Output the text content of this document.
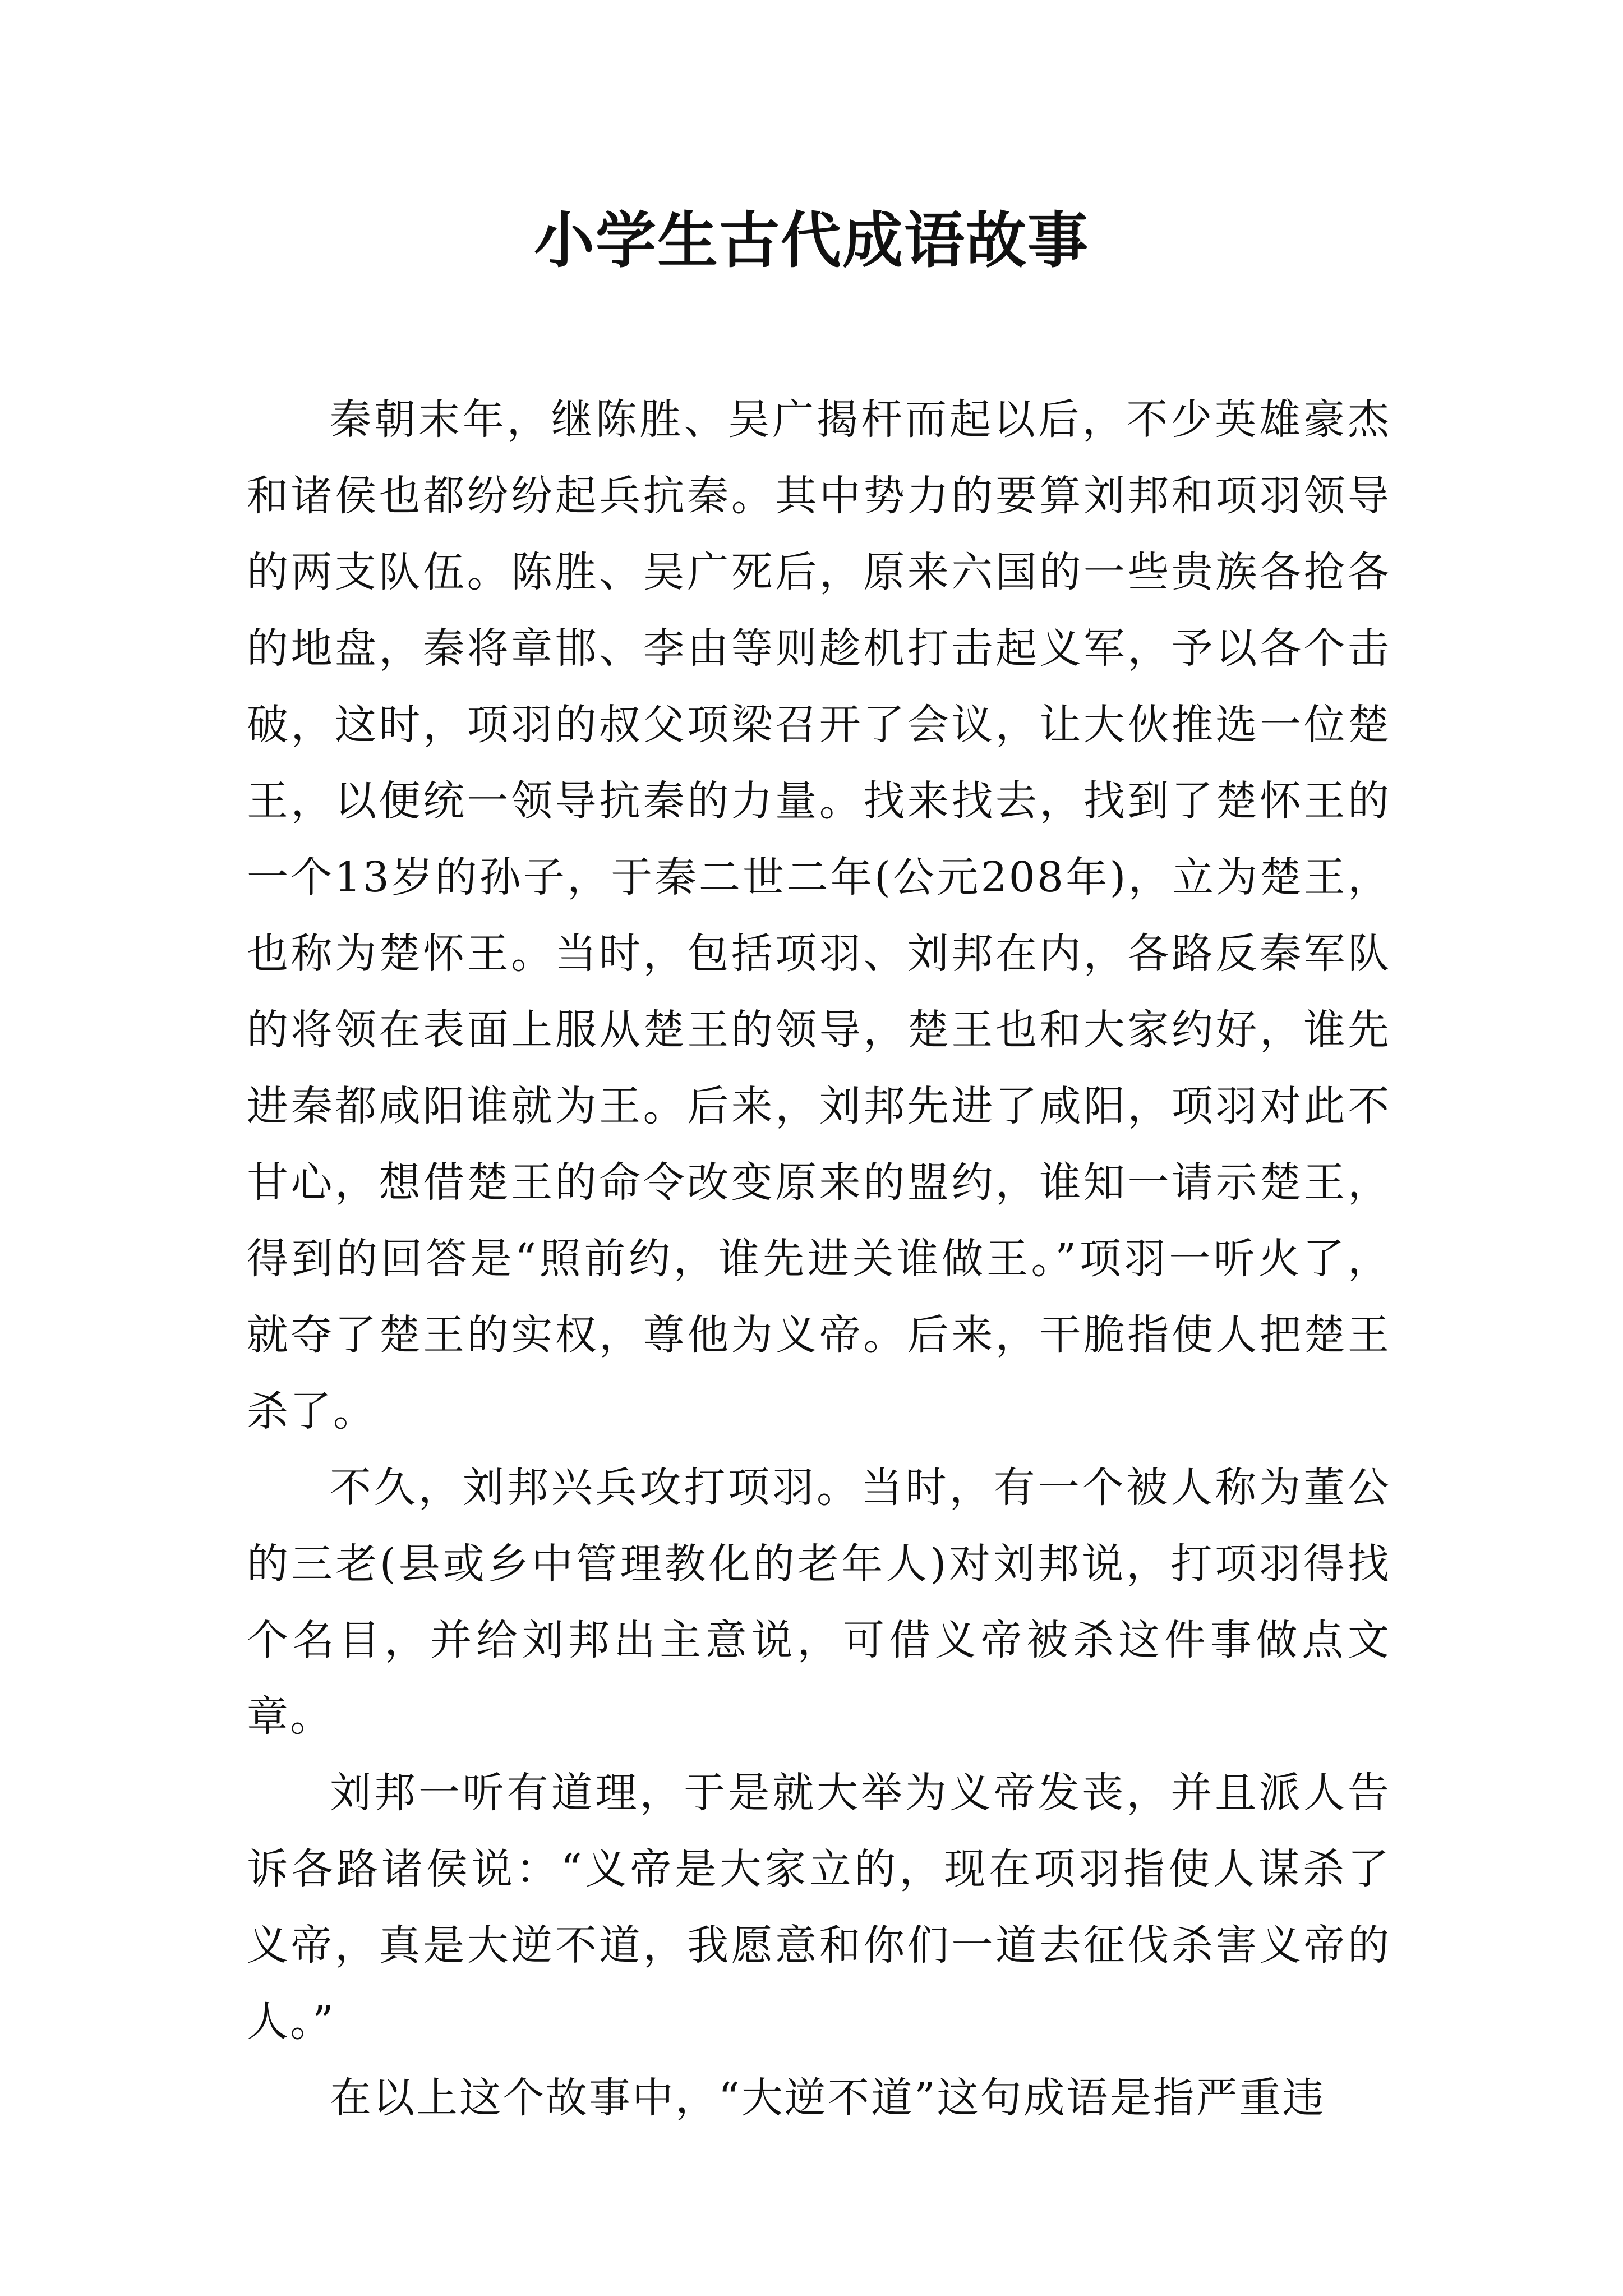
小学生古代成语故事

秦朝末年，继陈胜、吴广揭杆而起以后，不少英雄豪杰和诸侯也都纷纷起兵抗秦。其中势力的要算刘邦和项羽领导的两支队伍。陈胜、吴广死后，原来六国的一些贵族各抢各的地盘，秦将章邯、李由等则趁机打击起义军，予以各个击破，这时，项羽的叔父项梁召开了会议，让大伙推选一位楚王，以便统一领导抗秦的力量。找来找去，找到了楚怀王的一个13岁的孙子，于秦二世二年(公元208年)，立为楚王，也称为楚怀王。当时，包括项羽、刘邦在内，各路反秦军队的将领在表面上服从楚王的领导，楚王也和大家约好，谁先进秦都咸阳谁就为王。后来，刘邦先进了咸阳，项羽对此不甘心，想借楚王的命令改变原来的盟约，谁知一请示楚王，得到的回答是“照前约，谁先进关谁做王。”项羽一听火了，就夺了楚王的实权，尊他为义帝。后来，干脆指使人把楚王杀了。

不久，刘邦兴兵攻打项羽。当时，有一个被人称为董公的三老(县或乡中管理教化的老年人)对刘邦说，打项羽得找个名目，并给刘邦出主意说，可借义帝被杀这件事做点文章。

刘邦一听有道理，于是就大举为义帝发丧，并且派人告诉各路诸侯说：“义帝是大家立的，现在项羽指使人谋杀了义帝，真是大逆不道，我愿意和你们一道去征伐杀害义帝的人。”

在以上这个故事中，“大逆不道”这句成语是指严重违
